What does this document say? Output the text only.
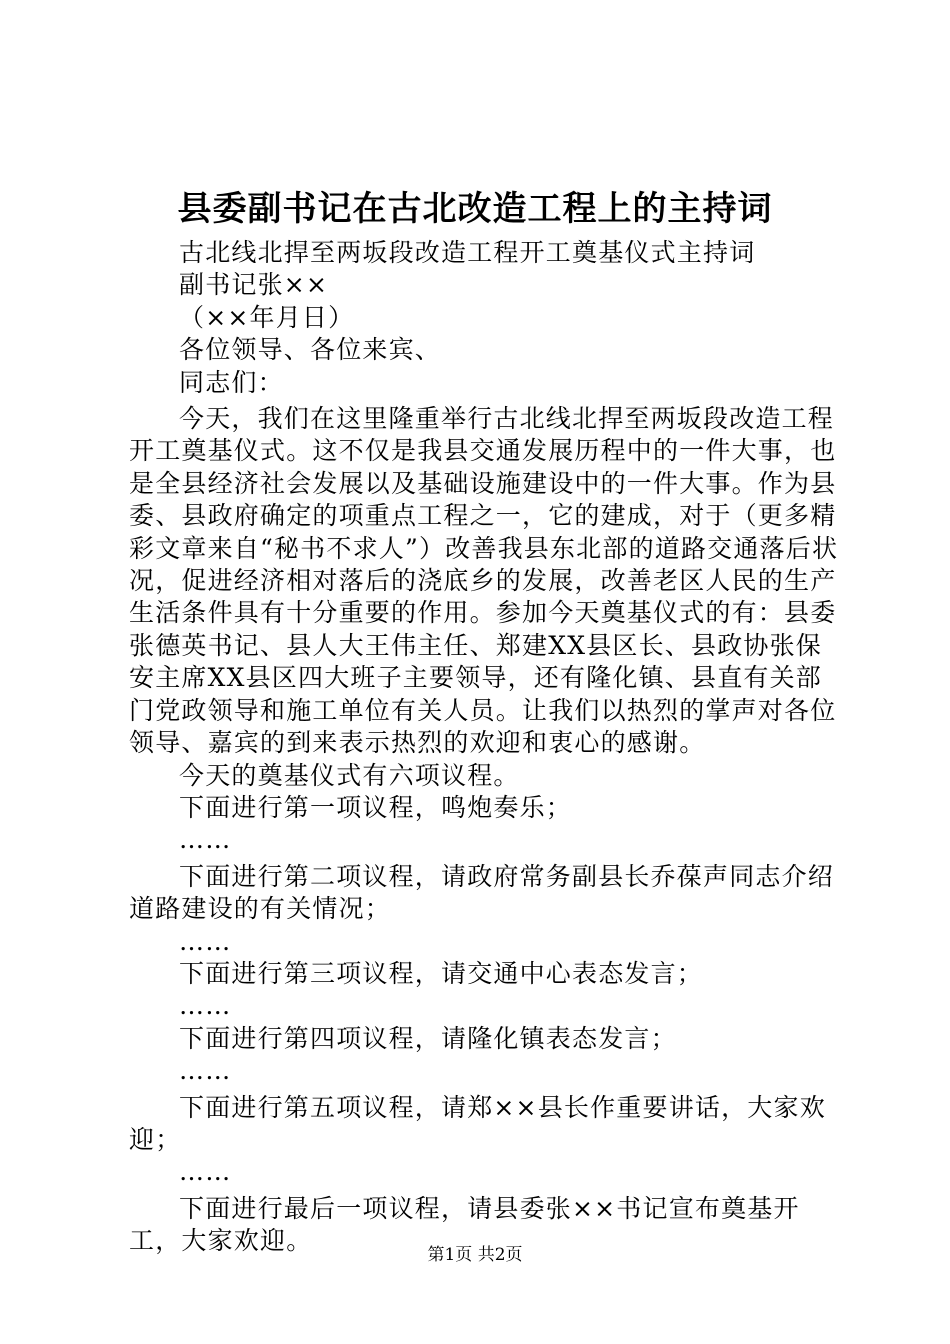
县委副书记在古北改造工程上的主持词

古北线北捍至两坂段改造工程开工奠基仪式主持词

副书记张××

（××年月日）

各位领导、各位来宾、

同志们：

今天，我们在这里隆重举行古北线北捍至两坂段改造工程开工奠基仪式。这不仅是我县交通发展历程中的一件大事，也是全县经济社会发展以及基础设施建设中的一件大事。作为县委、县政府确定的项重点工程之一，它的建成，对于（更多精彩文章来自“秘书不求人”）改善我县东北部的道路交通落后状况，促进经济相对落后的浇底乡的发展，改善老区人民的生产生活条件具有十分重要的作用。参加今天奠基仪式的有：县委张德英书记、县人大王伟主任、郑建XX县区长、县政协张保安主席XX县区四大班子主要领导，还有隆化镇、县直有关部门党政领导和施工单位有关人员。让我们以热烈的掌声对各位领导、嘉宾的到来表示热烈的欢迎和衷心的感谢。

今天的奠基仪式有六项议程。

下面进行第一项议程，鸣炮奏乐；

……

下面进行第二项议程，请政府常务副县长乔葆声同志介绍道路建设的有关情况；

……

下面进行第三项议程，请交通中心表态发言；

……

下面进行第四项议程，请隆化镇表态发言；

……

下面进行第五项议程，请郑××县长作重要讲话，大家欢迎；

……

下面进行最后一项议程，请县委张××书记宣布奠基开工，大家欢迎。	第1页 共2页
